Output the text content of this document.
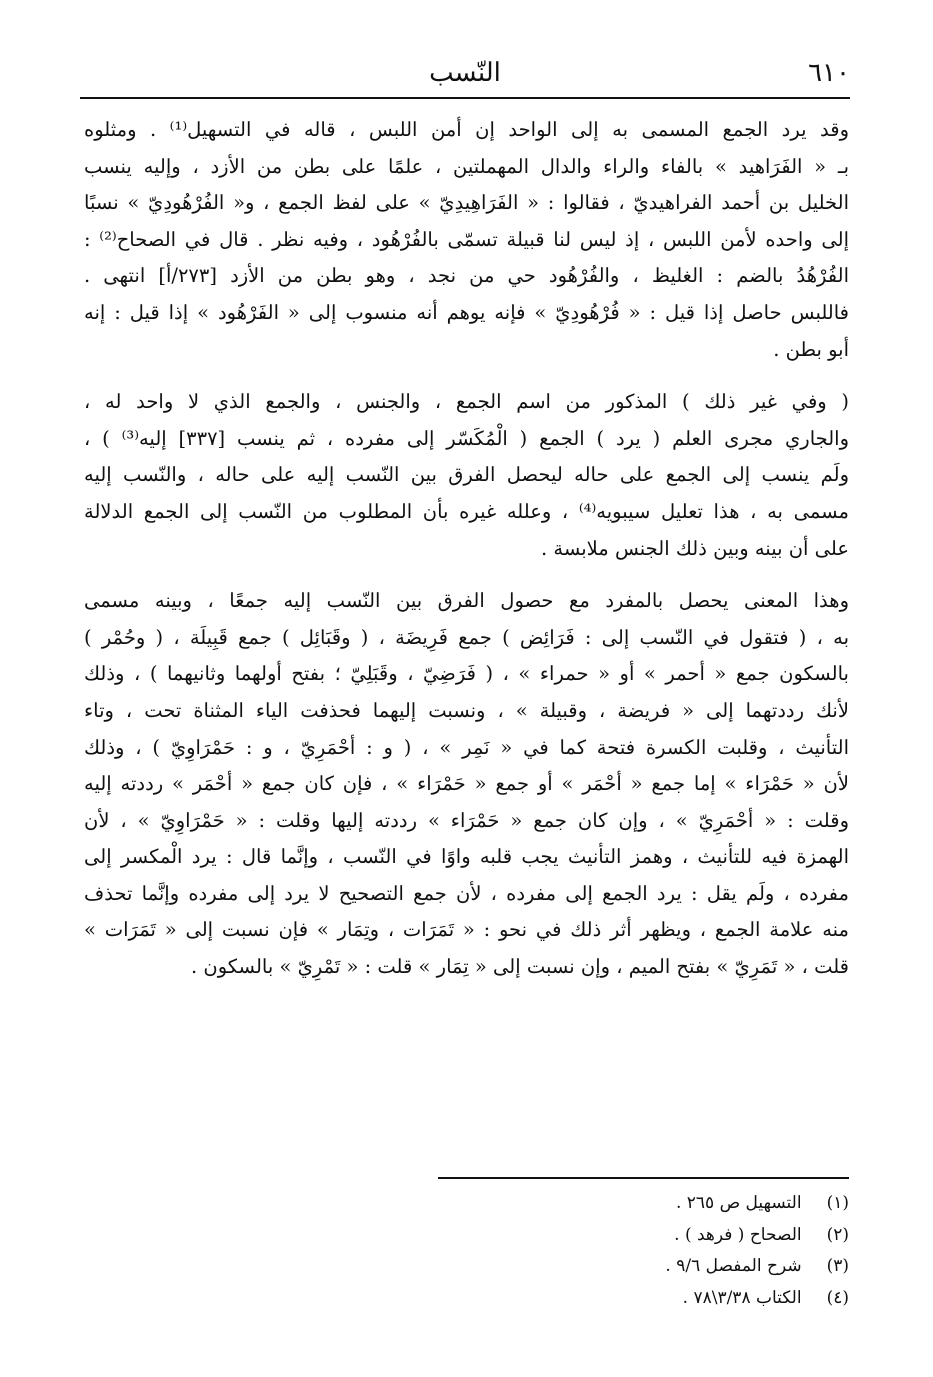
النّسب	٦١٠
وقد يرد الجمع المسمى به إلى الواحد إن أمن اللبس ، قاله في التسهيل⁽¹⁾ . ومثلوه
بـ « الفَرَاهيد » بالفاء والراء والدال المهملتين ، علمًا على بطن من الأزد ، وإليه ينسب
الخليل بن أحمد الفراهيديّ ، فقالوا : « الفَرَاهِيدِيّ » على لفظ الجمع ، و« الفُرْهُودِيّ » نسبًا
إلى واحده لأمن اللبس ، إذ ليس لنا قبيلة تسمّى بالفُرْهُود ، وفيه نظر . قال في الصحاح⁽²⁾ :
الفُرْهُدُ بالضم : الغليظ ، والفُرْهُود حي من نجد ، وهو بطن من الأزد [٢٧٣/أ] انتهى .
فاللبس حاصل إذا قيل : « فُرْهُودِيّ » فإنه يوهم أنه منسوب إلى « الفَرْهُود » إذا قيل : إنه
أبو بطن .
( وفي غير ذلك ) المذكور من اسم الجمع ، والجنس ، والجمع الذي لا واحد له ،
والجاري مجرى العلم ( يرد ) الجمع ( الْمُكَسّر إلى مفرده ، ثم ينسب [٣٣٧] إليه⁽³⁾ ) ،
ولَم ينسب إلى الجمع على حاله ليحصل الفرق بين النّسب إليه على حاله ، والنّسب إليه
مسمى به ، هذا تعليل سيبويه⁽⁴⁾ ، وعلله غيره بأن المطلوب من النّسب إلى الجمع الدلالة
على أن بينه وبين ذلك الجنس ملابسة .
وهذا المعنى يحصل بالمفرد مع حصول الفرق بين النّسب إليه جمعًا ، وبينه مسمى
به ، ( فتقول في النّسب إلى : فَرَائِض ) جمع فَرِيضَة ، ( وقَبَائِل ) جمع قَبِيلَة ، ( وحُمْر )
بالسكون جمع « أحمر » أو « حمراء » ، ( فَرَضِيّ ، وقَبَلِيّ ؛ بفتح أولهما وثانيهما ) ، وذلك
لأنك رددتهما إلى « فريضة ، وقبيلة » ، ونسبت إليهما فحذفت الياء المثناة تحت ، وتاء
التأنيث ، وقلبت الكسرة فتحة كما في « نَمِر » ، ( و : أحْمَرِيّ ، و : حَمْرَاوِيّ ) ، وذلك
لأن « حَمْرَاء » إما جمع « أحْمَر » أو جمع « حَمْرَاء » ، فإن كان جمع « أحْمَر » رددته إليه
وقلت : « أحْمَرِيّ » ، وإن كان جمع « حَمْرَاء » رددته إليها وقلت : « حَمْرَاوِيّ » ، لأن
الهمزة فيه للتأنيث ، وهمز التأنيث يجب قلبه واوًا في النّسب ، وإنَّما قال : يرد الْمكسر إلى
مفرده ، ولَم يقل : يرد الجمع إلى مفرده ، لأن جمع التصحيح لا يرد إلى مفرده وإنَّما تحذف
منه علامة الجمع ، ويظهر أثر ذلك في نحو : « تَمَرَات ، وتِمَار » فإن نسبت إلى « تَمَرَات »
قلت ، « تَمَرِيّ » بفتح الميم ، وإن نسبت إلى « تِمَار » قلت : « تَمْرِيّ » بالسكون .
(١) التسهيل ص ٢٦٥ .
(٢) الصحاح ( فرهد ) .
(٣) شرح المفصل ٩/٦ .
(٤) الكتاب ٣/٣٨\٧٨ .
